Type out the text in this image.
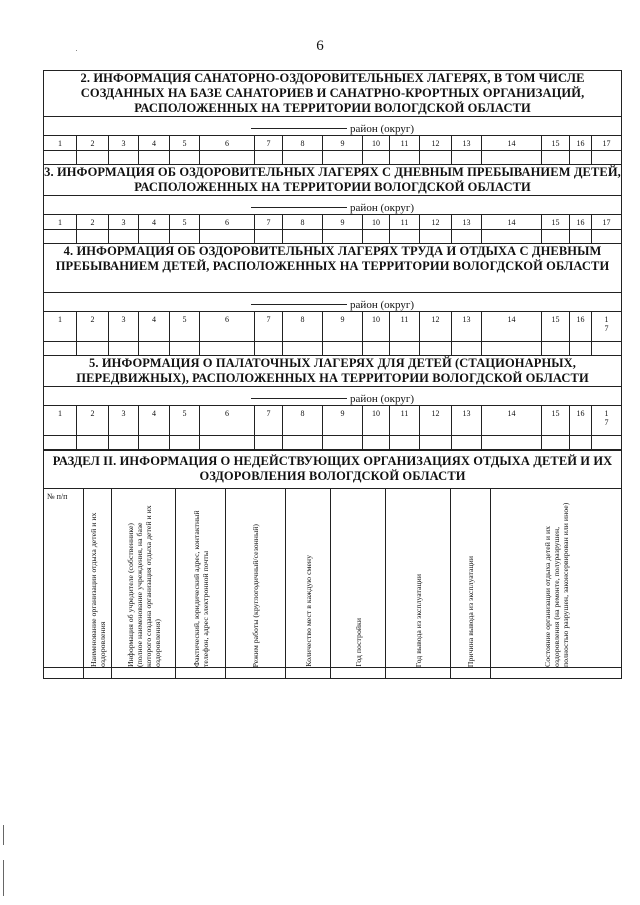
6
2. ИНФОРМАЦИЯ САНАТОРНО-ОЗДОРОВИТЕЛЬНЫЕХ ЛАГЕРЯХ, В ТОМ ЧИСЛЕ СОЗДАННЫХ НА БАЗЕ САНАТОРИЕВ И САНАТРНО-КРОРТНЫХ ОРГАНИЗАЦИЙ, РАСПОЛОЖЕННЫХ НА ТЕРРИТОРИИ ВОЛОГДСКОЙ ОБЛАСТИ																
район (округ)																
1	2	3	4	5	6	7	8	9	10	11	12	13	14	15	16	17

3. ИНФОРМАЦИЯ ОБ ОЗДОРОВИТЕЛЬНЫХ ЛАГЕРЯХ С ДНЕВНЫМ ПРЕБЫВАНИЕМ ДЕТЕЙ, РАСПОЛОЖЕННЫХ НА ТЕРРИТОРИИ ВОЛОГДСКОЙ ОБЛАСТИ																
район (округ)																
1	2	3	4	5	6	7	8	9	10	11	12	13	14	15	16	17

4. ИНФОРМАЦИЯ ОБ ОЗДОРОВИТЕЛЬНЫХ ЛАГЕРЯХ ТРУДА И ОТДЫХА С ДНЕВНЫМ ПРЕБЫВАНИЕМ ДЕТЕЙ, РАСПОЛОЖЕННЫХ НА ТЕРРИТОРИИ ВОЛОГДСКОЙ ОБЛАСТИ																
район (округ)																
1	2	3	4	5	6	7	8	9	10	11	12	13	14	15	16	1
7

5. ИНФОРМАЦИЯ О ПАЛАТОЧНЫХ ЛАГЕРЯХ ДЛЯ ДЕТЕЙ (СТАЦИОНАРНЫХ, ПЕРЕДВИЖНЫХ), РАСПОЛОЖЕННЫХ НА ТЕРРИТОРИИ ВОЛОГДСКОЙ ОБЛАСТИ																
район (округ)																
1	2	3	4	5	6	7	8	9	10	11	12	13	14	15	16	1
7

РАЗДЕЛ II. ИНФОРМАЦИЯ О НЕДЕЙСТВУЮЩИХ ОРГАНИЗАЦИЯХ ОТДЫХА ДЕТЕЙ И ИХ ОЗДОРОВЛЕНИЯ ВОЛОГДСКОЙ ОБЛАСТИ									
№ п/п	Наименование организации отдыха детей и их оздоровления	Информация об учредителе (собственнике) (полное наименование учреждения, на базе которого создана организация отдыха детей и их оздоровления)	Фактический, юридический адрес, контактный телефон, адрес электронной почты	Режим работы (круглогодичный/сезонный)	Количество мест в каждую смену	Год постройки	Год вывода из эксплуатации	Причина вывода из эксплуатации	Состояние организации отдыха детей и их оздоровления (на ремонте, полуразрушен, полностью разрушен, законсервирован или иное)
